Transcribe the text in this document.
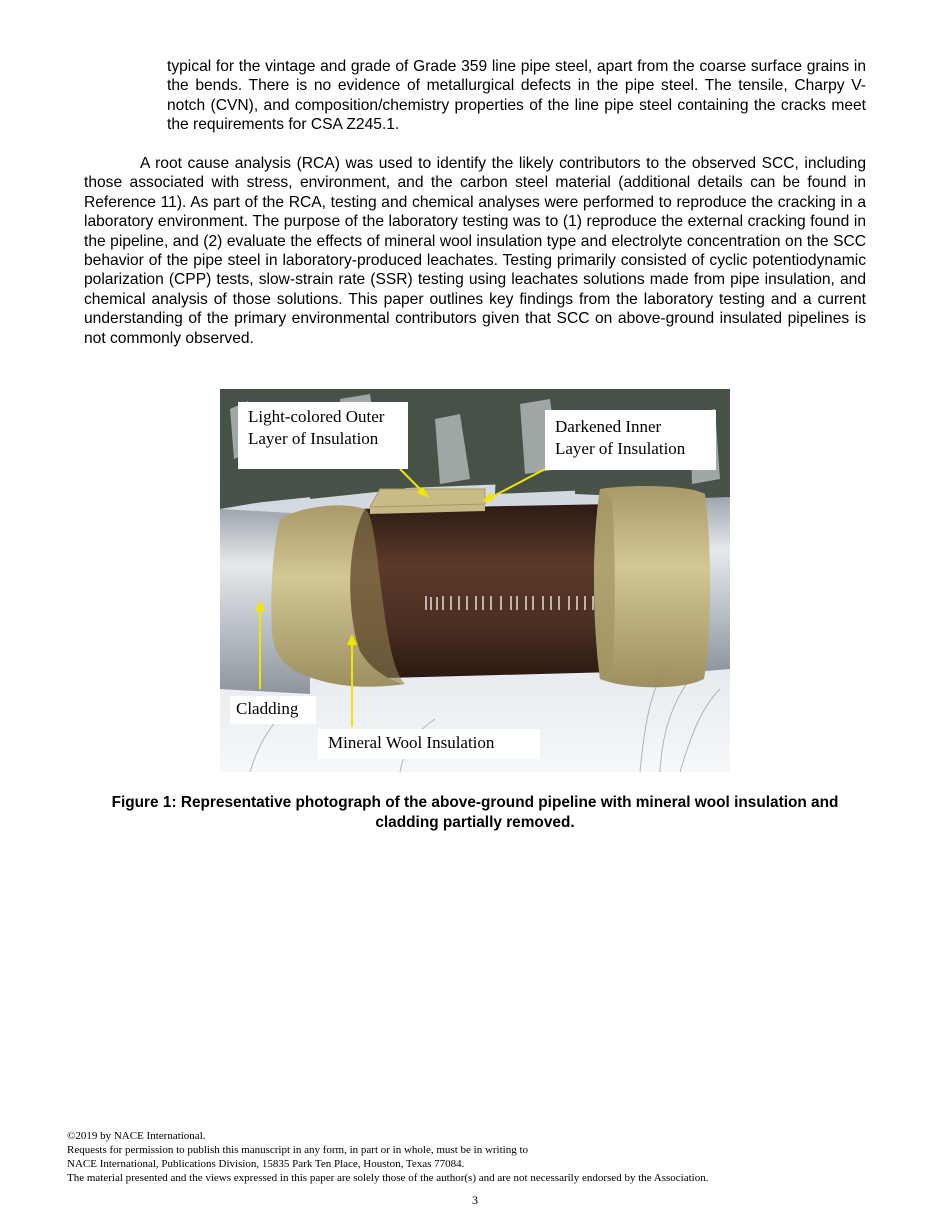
typical for the vintage and grade of Grade 359 line pipe steel, apart from the coarse surface grains in the bends. There is no evidence of metallurgical defects in the pipe steel. The tensile, Charpy V-notch (CVN), and composition/chemistry properties of the line pipe steel containing the cracks meet the requirements for CSA Z245.1.

A root cause analysis (RCA) was used to identify the likely contributors to the observed SCC, including those associated with stress, environment, and the carbon steel material (additional details can be found in Reference 11). As part of the RCA, testing and chemical analyses were performed to reproduce the cracking in a laboratory environment. The purpose of the laboratory testing was to (1) reproduce the external cracking found in the pipeline, and (2) evaluate the effects of mineral wool insulation type and electrolyte concentration on the SCC behavior of the pipe steel in laboratory-produced leachates. Testing primarily consisted of cyclic potentiodynamic polarization (CPP) tests, slow-strain rate (SSR) testing using leachates solutions made from pipe insulation, and chemical analysis of those solutions. This paper outlines key findings from the laboratory testing and a current understanding of the primary environmental contributors given that SCC on above-ground insulated pipelines is not commonly observed.

Light-colored Outer
Layer of Insulation
Darkened Inner
Layer of Insulation
Cladding
Mineral Wool Insulation

Figure 1: Representative photograph of the above-ground pipeline with mineral wool insulation and cladding partially removed.

©2019 by NACE International.
Requests for permission to publish this manuscript in any form, in part or in whole, must be in writing to
NACE International, Publications Division, 15835 Park Ten Place, Houston, Texas 77084.
The material presented and the views expressed in this paper are solely those of the author(s) and are not necessarily endorsed by the Association.
3
